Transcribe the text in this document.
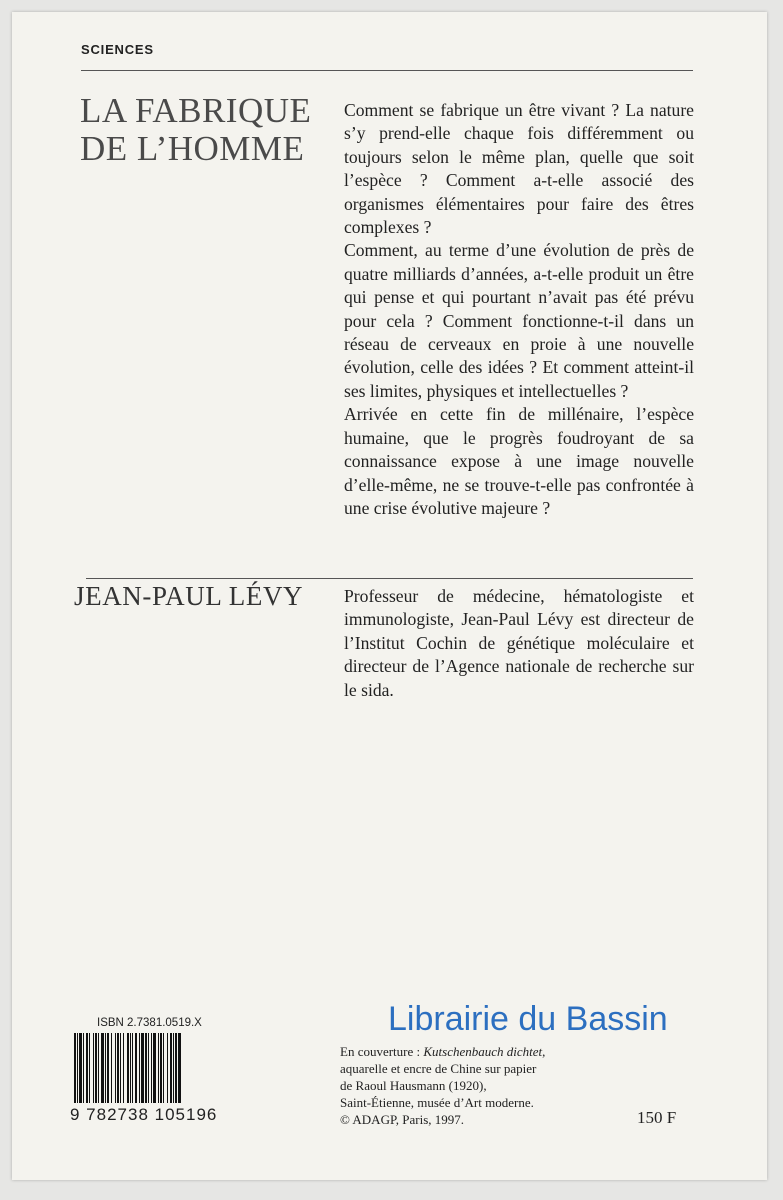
SCIENCES
LA FABRIQUE
DE L’HOMME

Comment se fabrique un être vivant ? La nature s’y prend-elle chaque fois différemment ou toujours selon le même plan, quelle que soit l’espèce ? Comment a-t-elle associé des organismes élémentaires pour faire des êtres complexes ?

Comment, au terme d’une évolution de près de quatre milliards d’années, a-t-elle produit un être qui pense et qui pourtant n’avait pas été prévu pour cela ? Comment fonctionne-t-il dans un réseau de cerveaux en proie à une nouvelle évolution, celle des idées ? Et comment atteint-il ses limites, physiques et intellectuelles ?

Arrivée en cette fin de millénaire, l’espèce humaine, que le progrès foudroyant de sa connaissance expose à une image nouvelle d’elle-même, ne se trouve-t-elle pas confrontée à une crise évolutive majeure ?

JEAN-PAUL LÉVY Professeur de médecine, hématologiste et immunologiste, Jean-Paul Lévy est directeur de l’Institut Cochin de génétique moléculaire et directeur de l’Agence nationale de recherche sur le sida.
ISBN 2.7381.0519.X
9 782738 105196
Librairie du Bassin
En couverture : Kutschenbauch dichtet,
aquarelle et encre de Chine sur papier
de Raoul Hausmann (1920),
Saint-Étienne, musée d’Art moderne.
© ADAGP, Paris, 1997.	150 F
